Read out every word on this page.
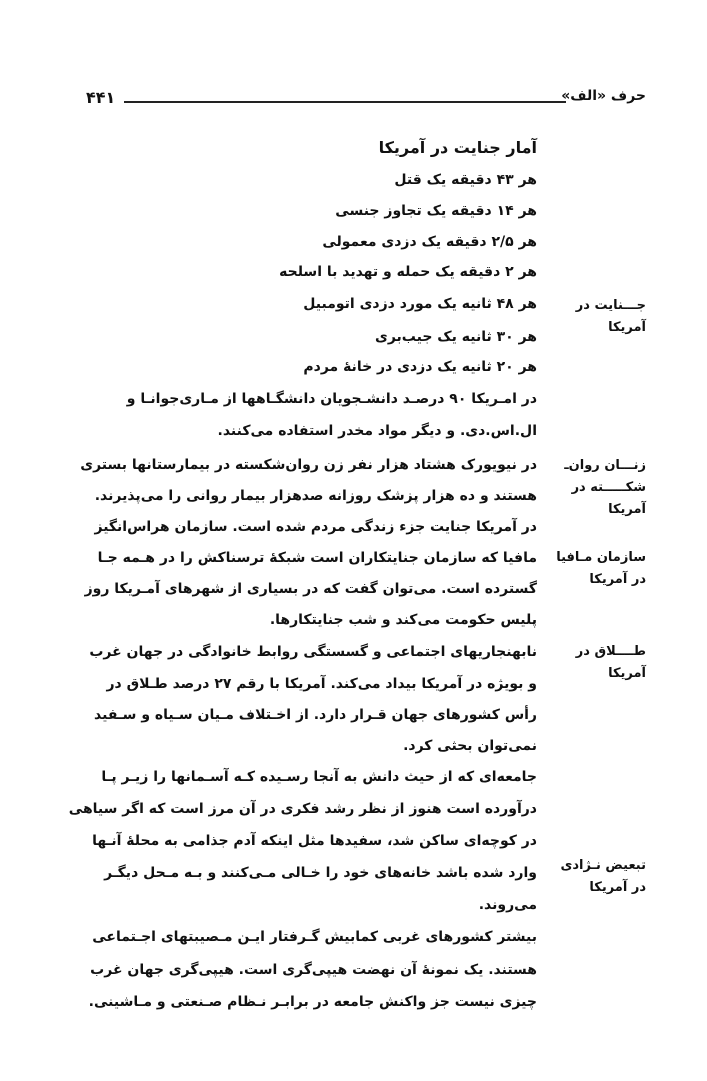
حرف «الف»
۴۴۱
آمار جنایت در آمریکا
هر ۴۳ دقیقه یک قتل
هر ۱۴ دقیقه یک تجاوز جنسی
هر ۲/۵ دقیقه یک دزدی معمولی
هر ۲ دقیقه یک حمله و تهدید با اسلحه
هر ۴۸ ثانیه یک مورد دزدی اتومبیل
هر ۳۰ ثانیه یک جیب‌بری
هر ۲۰ ثانیه یک دزدی در خانهٔ مردم
در امـریکا ۹۰ درصـد دانشـجویان دانشگـاهها از مـاری‌جوانـا و
ال.اس.دی. و دیگر مواد مخدر استفاده می‌کنند.
در نیویورک هشتاد هزار نفر زن روان‌شکسته در بیمارستانها بستری
هستند و ده هزار پزشک روزانه صدهزار بیمار روانی را می‌پذیرند.
در آمریکا جنایت جزء زندگی مردم شده است. سازمان هراس‌انگیز
مافیا که سازمان جنایتکاران است شبکهٔ ترسناکش را در هـمه جـا
گسترده است. می‌توان گفت که در بسیاری از شهرهای آمـریکا روز
پلیس حکومت می‌کند و شب جنایتکارها.
نابهنجاریهای اجتماعی و گسستگی روابط خانوادگی در جهان غرب
و بویژه در آمریکا بیداد می‌کند. آمریکا با رقم ۲۷ درصد طـلاق در
رأس کشورهای جهان قـرار دارد. از اخـتلاف مـیان سـیاه و سـفید
نمی‌توان بحثی کرد.
جامعه‌ای که از حیث دانش به آنجا رسـیده کـه آسـمانها را زیـر پـا
درآورده است هنوز از نظر رشد فکری در آن مرز است که اگر سیاهی
در کوچه‌ای ساکن شد، سفیدها مثل اینکه آدم جذامی به محلهٔ آنـها
وارد شده باشد خانه‌های خود را خـالی مـی‌کنند و بـه مـحل دیگـر
می‌روند.
بیشتر کشورهای غربی کمابیش گـرفتار ایـن مـصیبتهای اجـتماعی
هستند. یک نمونهٔ آن نهضت هیپی‌گری است. هیپی‌گری جهان غرب
چیزی نیست جز واکنش جامعه در برابـر نـظام صـنعتی و مـاشینی.
جـــنایت در
آمریکا
زنـــان روان‌ـ
شکـــــته در
آمریکا
سازمان مـافیا
در آمریکا
طــــلاق در
آمریکا
تبعیض نـژادی
در آمریکا
